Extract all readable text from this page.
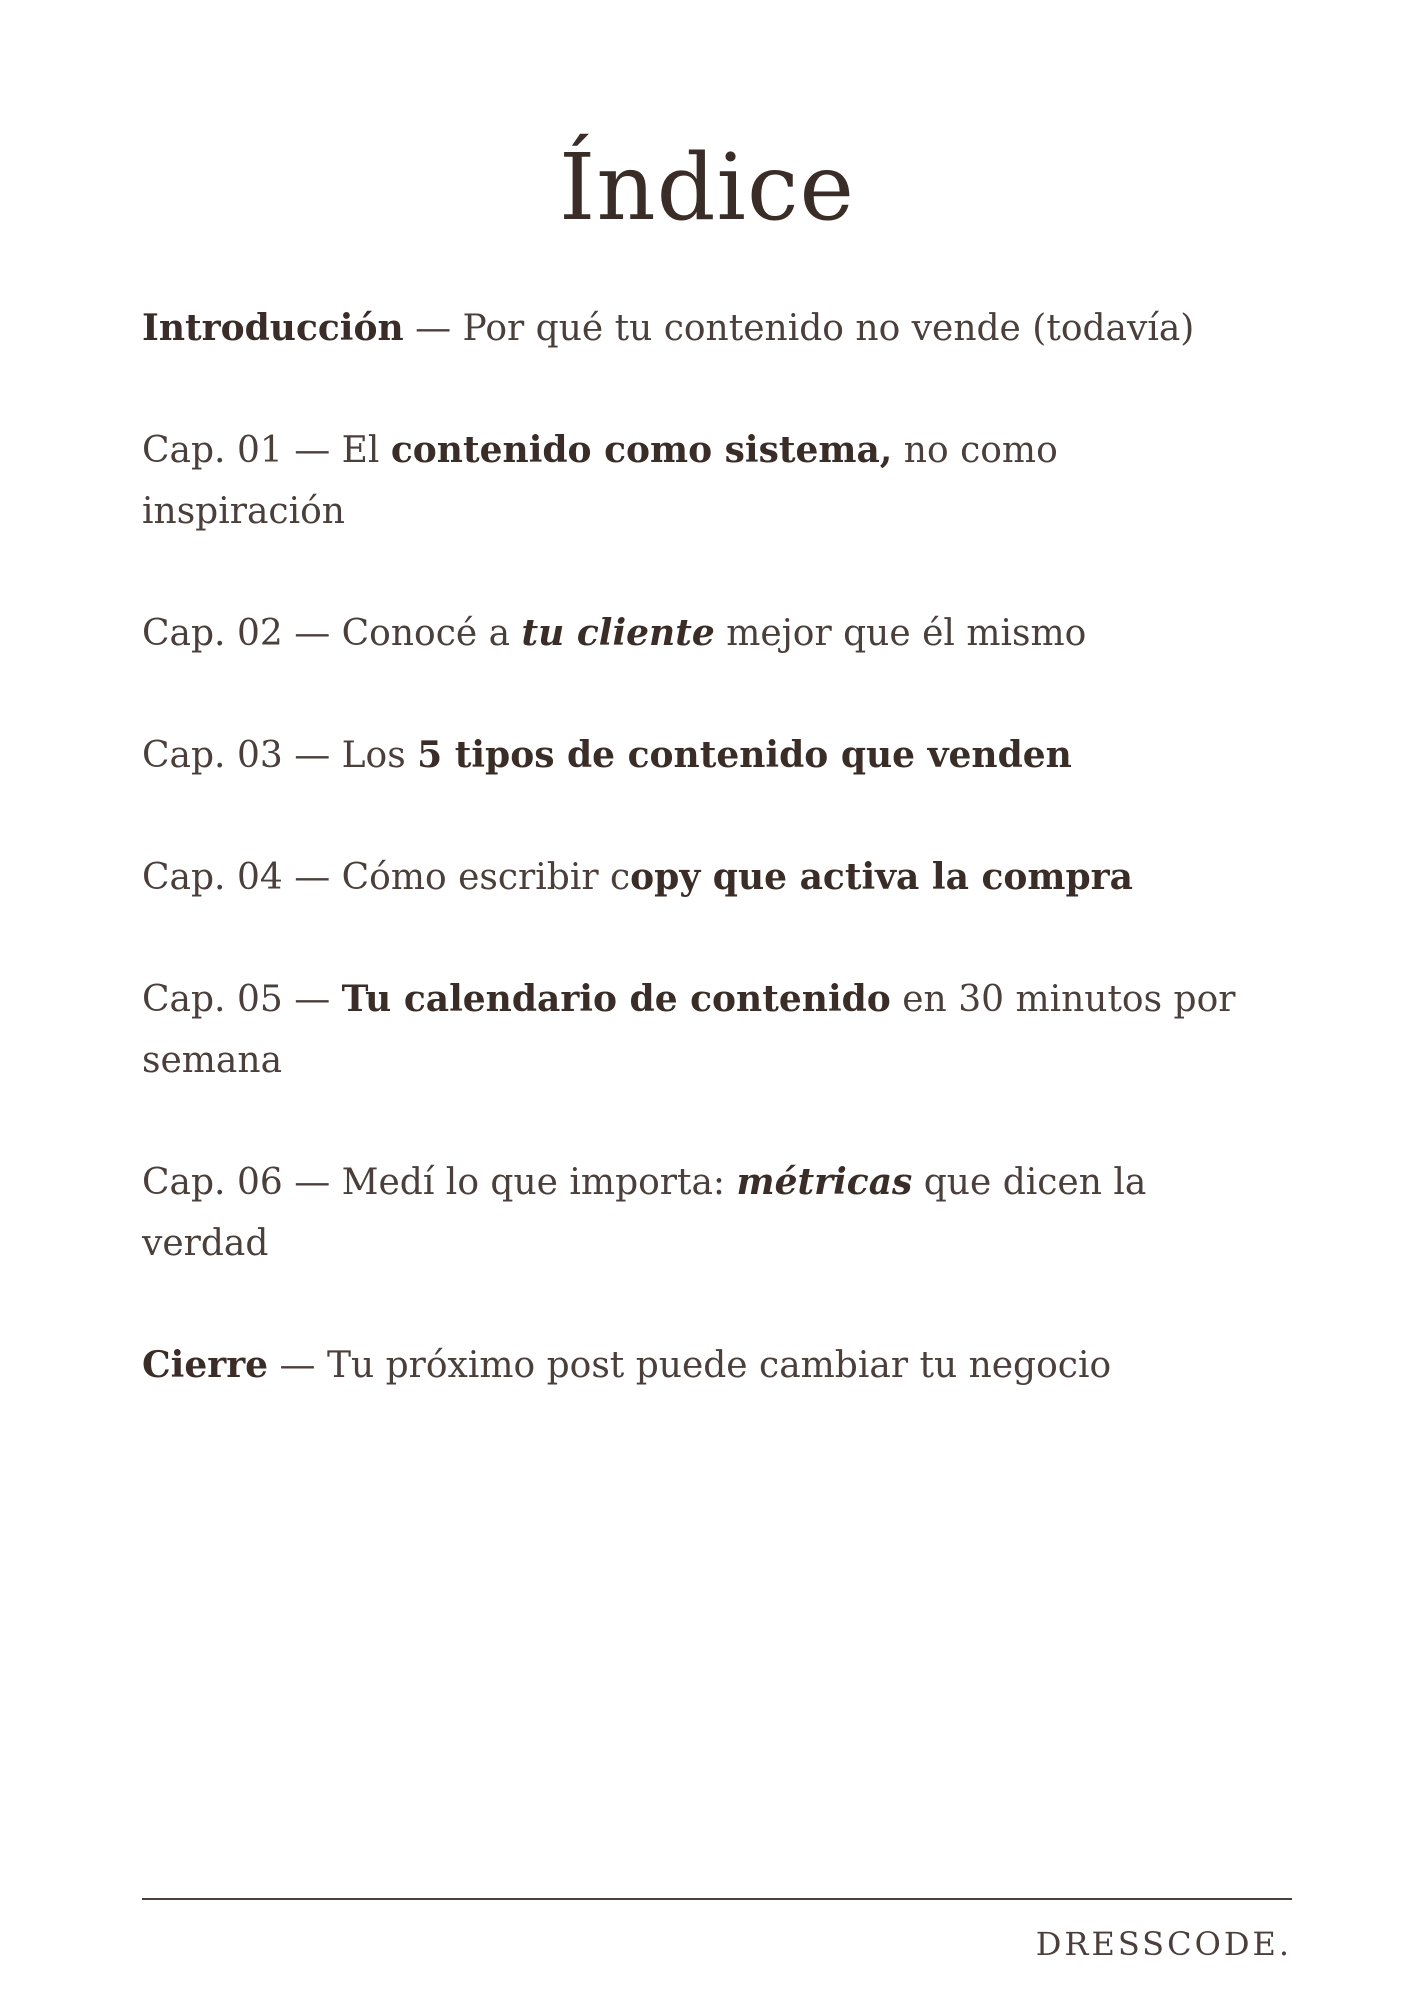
Índice
Introducción — Por qué tu contenido no vende (todavía)
Cap. 01 — El contenido como sistema, no como inspiración
Cap. 02 — Conocé a tu cliente mejor que él mismo
Cap. 03 — Los 5 tipos de contenido que venden
Cap. 04 — Cómo escribir copy que activa la compra
Cap. 05 — Tu calendario de contenido en 30 minutos por semana
Cap. 06 — Medí lo que importa: métricas que dicen la verdad
Cierre — Tu próximo post puede cambiar tu negocio
DRESSCODE.
